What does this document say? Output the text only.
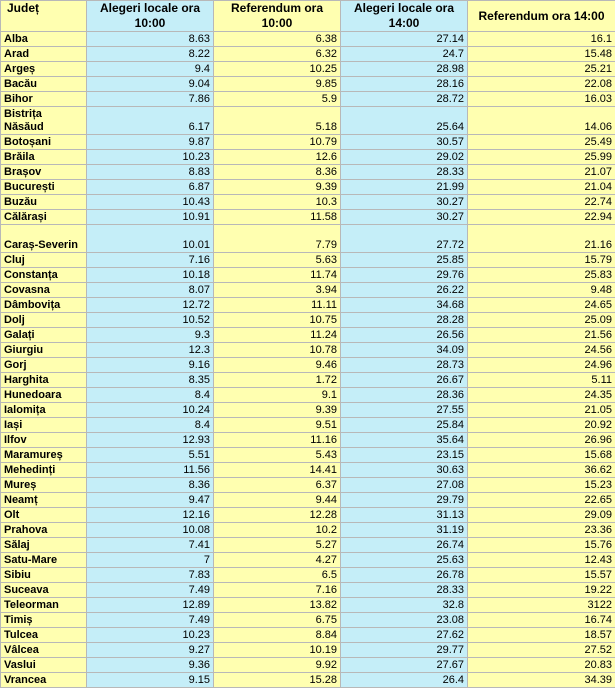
Județ	Alegeri locale ora 10:00	Referendum ora 10:00	Alegeri locale ora 14:00	Referendum ora 14:00
Alba	8.63	6.38	27.14	16.1
Arad	8.22	6.32	24.7	15.48
Argeș	9.4	10.25	28.98	25.21
Bacău	9.04	9.85	28.16	22.08
Bihor	7.86	5.9	28.72	16.03
Bistrița Năsăud	6.17	5.18	25.64	14.06
Botoșani	9.87	10.79	30.57	25.49
Brăila	10.23	12.6	29.02	25.99
Brașov	8.83	8.36	28.33	21.07
București	6.87	9.39	21.99	21.04
Buzău	10.43	10.3	30.27	22.74
Călărași	10.91	11.58	30.27	22.94
Caraș-Severin	10.01	7.79	27.72	21.16
Cluj	7.16	5.63	25.85	15.79
Constanța	10.18	11.74	29.76	25.83
Covasna	8.07	3.94	26.22	9.48
Dâmbovița	12.72	11.11	34.68	24.65
Dolj	10.52	10.75	28.28	25.09
Galați	9.3	11.24	26.56	21.56
Giurgiu	12.3	10.78	34.09	24.56
Gorj	9.16	9.46	28.73	24.96
Harghita	8.35	1.72	26.67	5.11
Hunedoara	8.4	9.1	28.36	24.35
Ialomița	10.24	9.39	27.55	21.05
Iași	8.4	9.51	25.84	20.92
Ilfov	12.93	11.16	35.64	26.96
Maramureș	5.51	5.43	23.15	15.68
Mehedinți	11.56	14.41	30.63	36.62
Mureș	8.36	6.37	27.08	15.23
Neamț	9.47	9.44	29.79	22.65
Olt	12.16	12.28	31.13	29.09
Prahova	10.08	10.2	31.19	23.36
Sălaj	7.41	5.27	26.74	15.76
Satu-Mare	7	4.27	25.63	12.43
Sibiu	7.83	6.5	26.78	15.57
Suceava	7.49	7.16	28.33	19.22
Teleorman	12.89	13.82	32.8	3122
Timiș	7.49	6.75	23.08	16.74
Tulcea	10.23	8.84	27.62	18.57
Vâlcea	9.27	10.19	29.77	27.52
Vaslui	9.36	9.92	27.67	20.83
Vrancea	9.15	15.28	26.4	34.39
